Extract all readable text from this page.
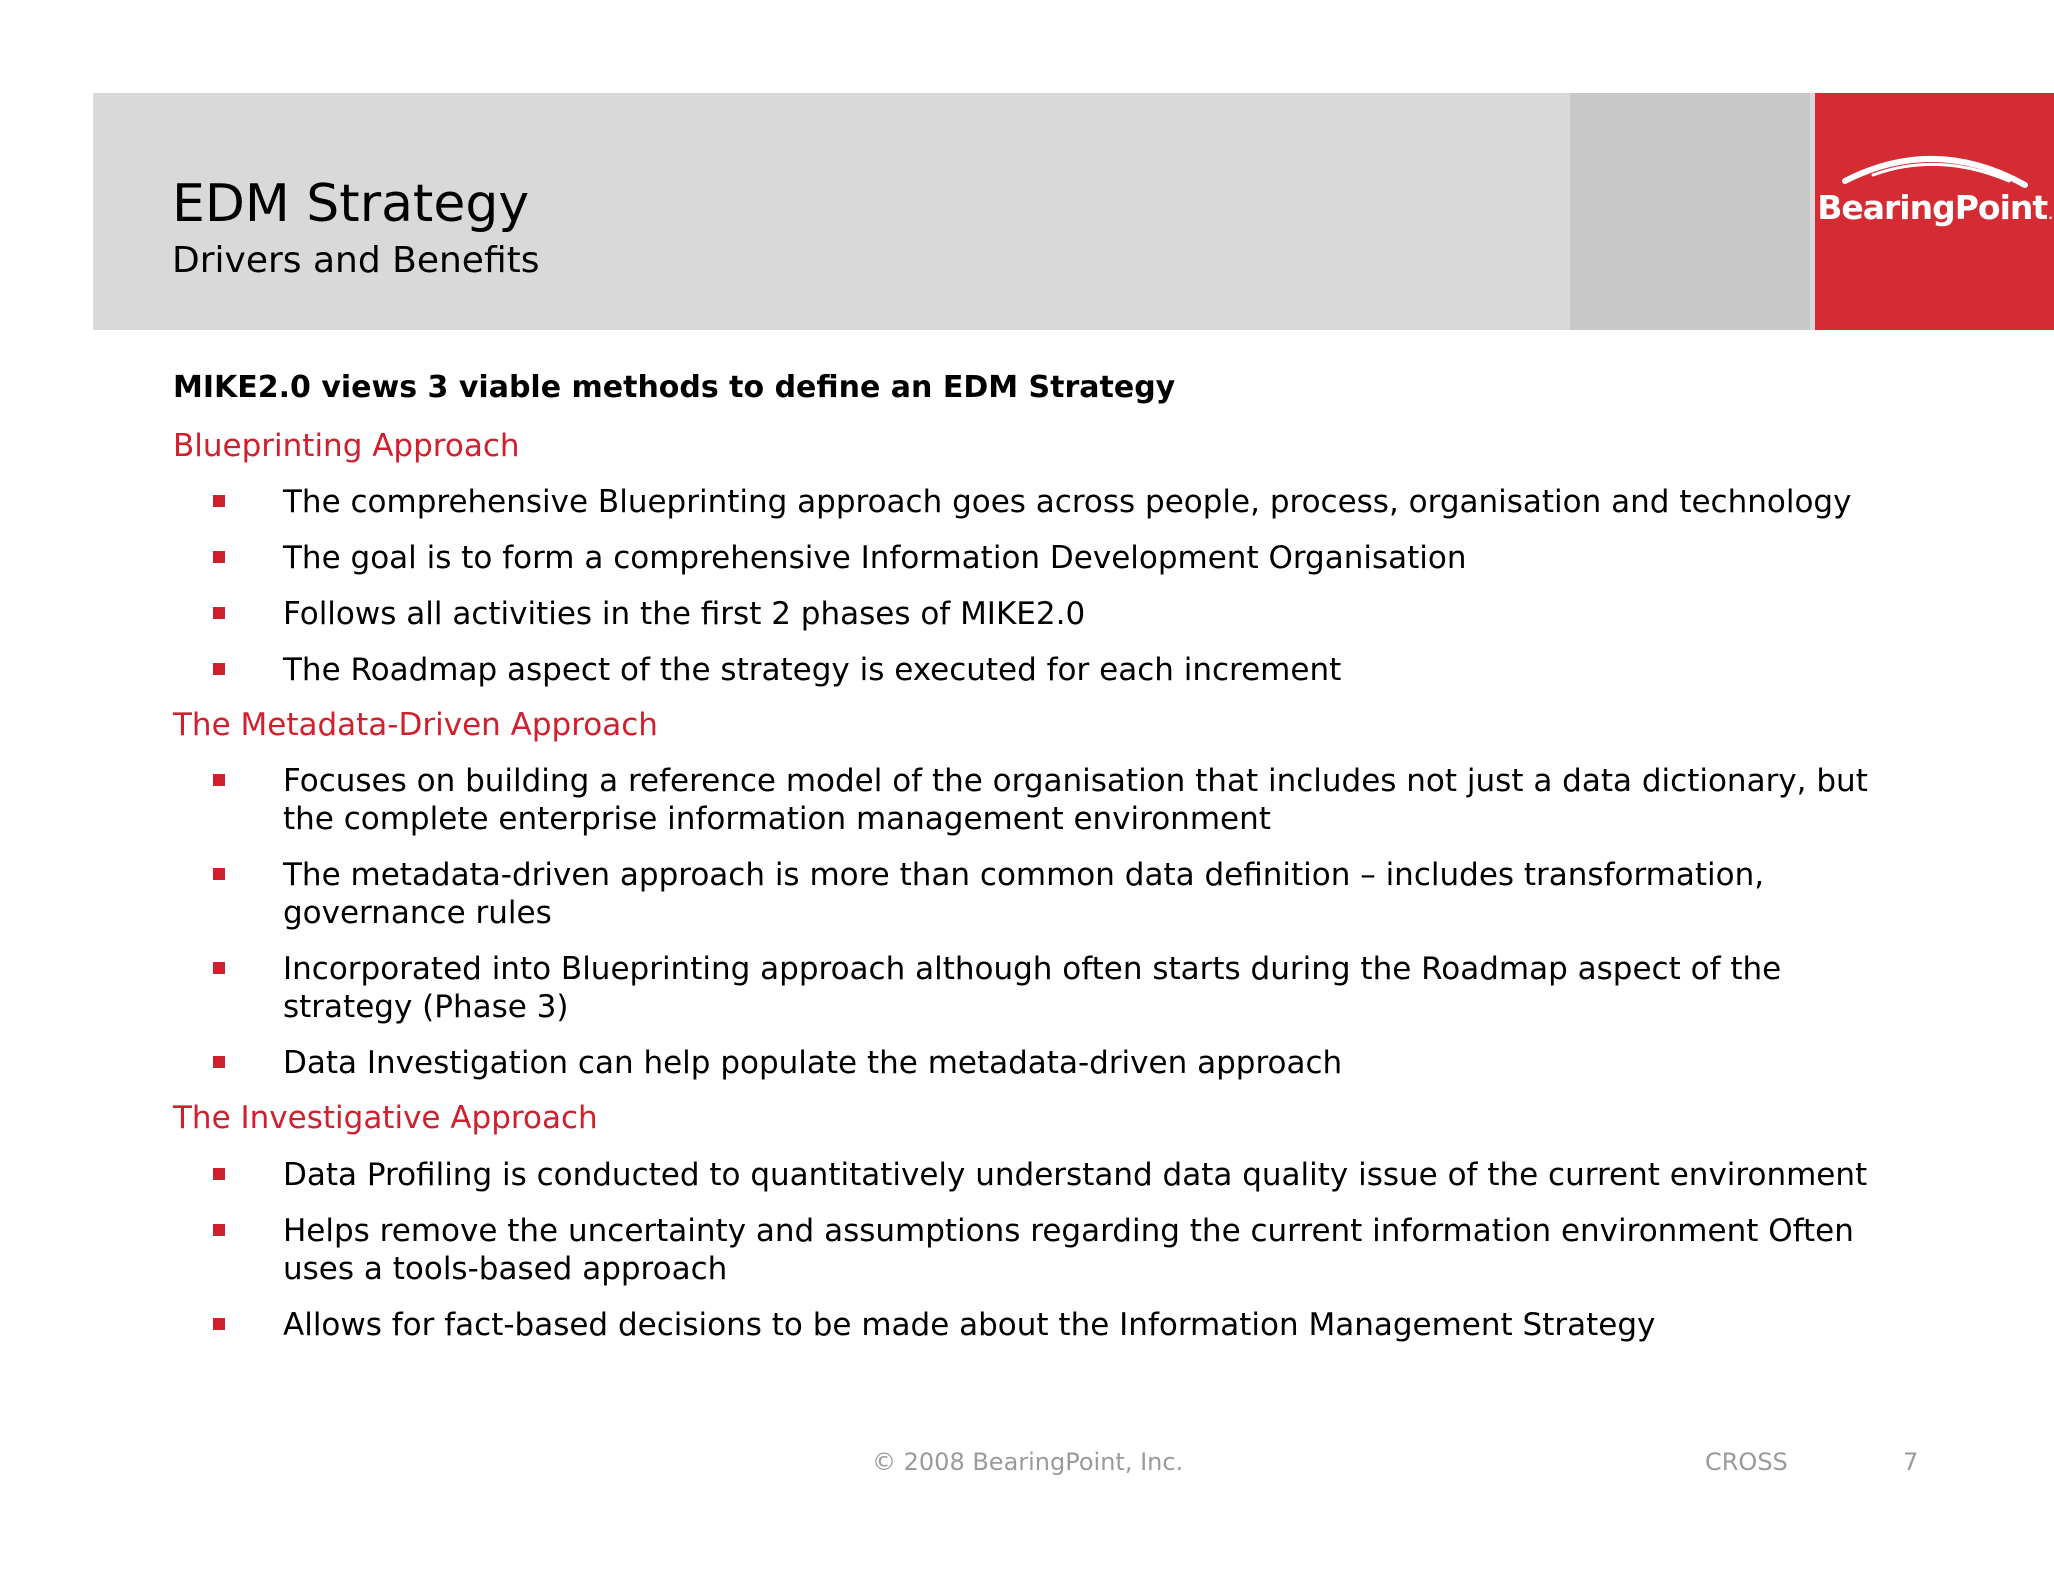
BearingPoint.
EDM Strategy
Drivers and Benefits

MIKE2.0 views 3 viable methods to define an EDM Strategy

Blueprinting Approach
The comprehensive Blueprinting approach goes across people, process, organisation and technology
The goal is to form a comprehensive Information Development Organisation
Follows all activities in the first 2 phases of MIKE2.0
The Roadmap aspect of the strategy is executed for each increment
The Metadata-Driven Approach
Focuses on building a reference model of the organisation that includes not just a data dictionary, but the complete enterprise information management environment
The metadata-driven approach is more than common data definition – includes transformation, governance rules
Incorporated into Blueprinting approach although often starts during the Roadmap aspect of the strategy (Phase 3)
Data Investigation can help populate the metadata-driven approach
The Investigative Approach
Data Profiling is conducted to quantitatively understand data quality issue of the current environment
Helps remove the uncertainty and assumptions regarding the current information environment Often uses a tools-based approach
Allows for fact-based decisions to be made about the Information Management Strategy
© 2008 BearingPoint, Inc.	CROSS	7
